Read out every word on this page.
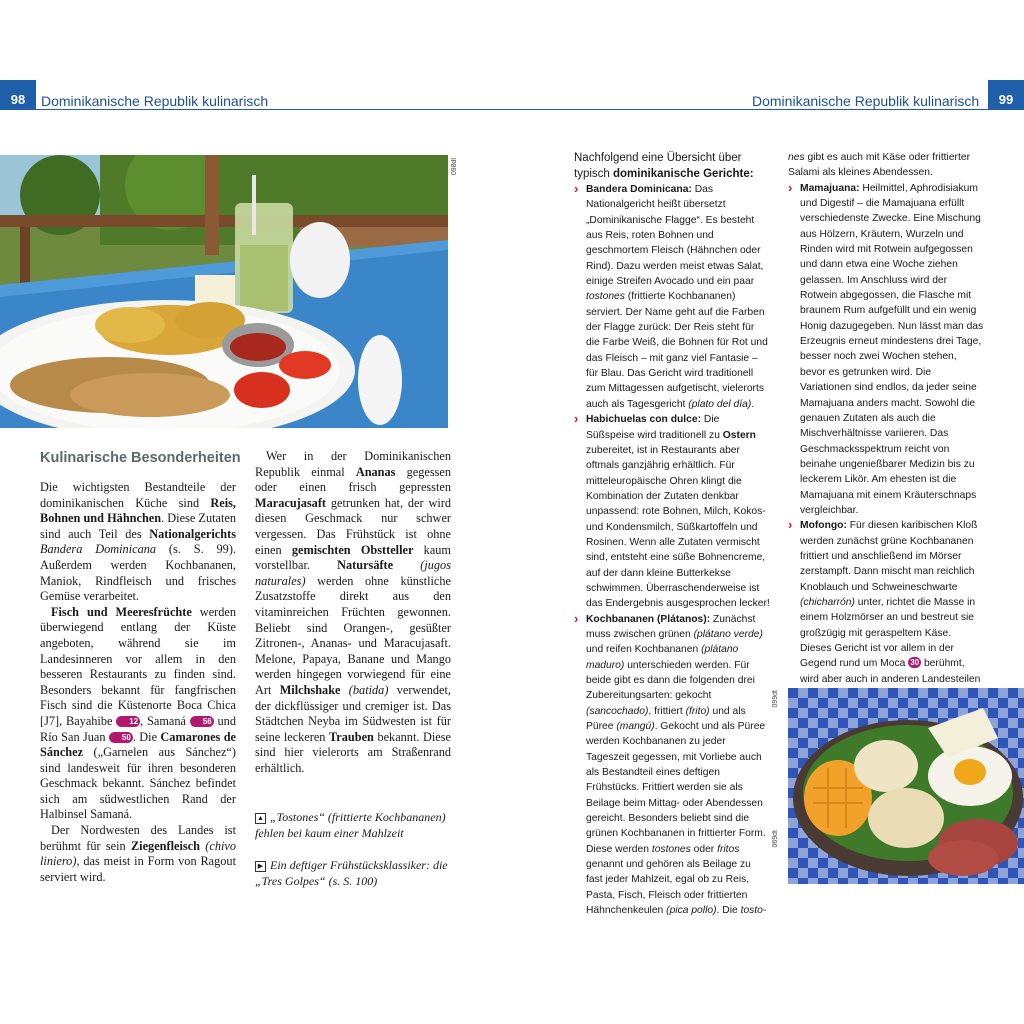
98	Dominikanische Republik kulinarisch	Dominikanische Republik kulinarisch	99
098dl
Kulinarische Besonderheiten

Die wichtigsten Bestandteile der dominikanischen Küche sind Reis, Bohnen und Hähnchen. Diese Zutaten sind auch Teil des Nationalgerichts Bandera Dominicana (s. S. 99). Außerdem werden Kochbananen, Maniok, Rindfleisch und frisches Gemüse verarbeitet.

Fisch und Meeresfrüchte werden überwiegend entlang der Küste angeboten, während sie im Landesinneren vor allem in den besseren Restaurants zu finden sind. Besonders bekannt für fangfrischen Fisch sind die Küstenorte Boca Chica [J7], Bayahibe 12 , Samaná 56 und Río San Juan 50 . Die Camarones de Sánchez („Garnelen aus Sánchez“) sind landesweit für ihren besonderen Geschmack bekannt. Sánchez befindet sich am südwestlichen Rand der Halbinsel Samaná.

Der Nordwesten des Landes ist berühmt für sein Ziegenfleisch (chivo liniero), das meist in Form von Ragout serviert wird.

Wer in der Dominikanischen Republik einmal Ananas gegessen oder einen frisch gepressten Maracujasaft getrunken hat, der wird diesen Geschmack nur schwer vergessen. Das Frühstück ist ohne einen gemischten Obstteller kaum vorstellbar. Natursäfte (jugos naturales) werden ohne künstliche Zusatzstoffe direkt aus den vitaminreichen Früchten gewonnen. Beliebt sind Orangen-, gesüßter Zitronen-, Ananas- und Maracujasaft. Melone, Papaya, Banane und Mango werden hingegen vorwiegend für eine Art Milchshake (batida) verwendet, der dickflüssiger und cremiger ist. Das Städtchen Neyba im Südwesten ist für seine leckeren Trauben bekannt. Diese sind hier vielerorts am Straßenrand erhältlich.

▲ „Tostones“ (frittierte Kochbananen) fehlen bei kaum einer Mahlzeit
▶ Ein deftiger Frühstücksklassiker: die „Tres Golpes“ (s. S. 100)

Nachfolgend eine Übersicht über typisch dominikanische Gerichte:

› Bandera Dominicana: Das Nationalgericht heißt übersetzt „Dominikanische Flagge“. Es besteht aus Reis, roten Bohnen und geschmortem Fleisch (Hähnchen oder Rind). Dazu werden meist etwas Salat, einige Streifen Avocado und ein paar tostones (frittierte Kochbananen) serviert. Der Name geht auf die Farben der Flagge zurück: Der Reis steht für die Farbe Weiß, die Bohnen für Rot und das Fleisch – mit ganz viel Fantasie – für Blau. Das Gericht wird traditionell zum Mittagessen aufgetischt, vielerorts auch als Tagesgericht (plato del día).

› Habichuelas con dulce: Die Süßspeise wird traditionell zu Ostern zubereitet, ist in Restaurants aber oftmals ganzjährig erhältlich. Für mitteleuropäische Ohren klingt die Kombination der Zutaten denkbar unpassend: rote Bohnen, Milch, Kokos- und Kondensmilch, Süßkartoffeln und Rosinen. Wenn alle Zutaten vermischt sind, entsteht eine süße Bohnencreme, auf der dann kleine Butterkekse schwimmen. Überraschenderweise ist das Endergebnis ausgesprochen lecker!

› Kochbananen (Plátanos): Zunächst muss zwischen grünen (plátano verde) und reifen Kochbananen (plátano maduro) unterschieden werden. Für beide gibt es dann die folgenden drei Zubereitungsarten: gekocht (sancochado), frittiert (frito) und als Püree (mangú). Gekocht und als Püree werden Kochbananen zu jeder Tageszeit gegessen, mit Vorliebe auch als Bestandteil eines deftigen Frühstücks. Frittiert werden sie als Beilage beim Mittag- oder Abendessen gereicht. Besonders beliebt sind die grünen Kochbananen in frittierter Form. Diese werden tostones oder fritos genannt und gehören als Beilage zu fast jeder Mahlzeit, egal ob zu Reis, Pasta, Fisch, Fleisch oder frittierten Hähnchenkeulen (pica pollo). Die tosto-

nes gibt es auch mit Käse oder frittierter Salami als kleines Abendessen.

› Mamajuana: Heilmittel, Aphrodisiakum und Digestif – die Mamajuana erfüllt verschiedenste Zwecke. Eine Mischung aus Hölzern, Kräutern, Wurzeln und Rinden wird mit Rotwein aufgegossen und dann etwa eine Woche ziehen gelassen. Im Anschluss wird der Rotwein abgegossen, die Flasche mit braunem Rum aufgefüllt und ein wenig Honig dazugegeben. Nun lässt man das Erzeugnis erneut mindestens drei Tage, besser noch zwei Wochen stehen, bevor es getrunken wird. Die Variationen sind endlos, da jeder seine Mamajuana anders macht. Sowohl die genauen Zutaten als auch die Mischverhältnisse variieren. Das Geschmacksspektrum reicht von beinahe ungenießbarer Medizin bis zu leckerem Likör. Am ehesten ist die Mamajuana mit einem Kräuterschnaps vergleichbar.

› Mofongo: Für diesen karibischen Kloß werden zunächst grüne Kochbananen frittiert und anschließend im Mörser zerstampft. Dann mischt man reichlich Knoblauch und Schweineschwarte (chicharrón) unter, richtet die Masse in einem Holzmörser an und bestreut sie großzügig mit geraspeltem Käse. Dieses Gericht ist vor allem in der Gegend rund um Moca 30 berühmt, wird aber auch in anderen Landesteilen

099dt
069dt
